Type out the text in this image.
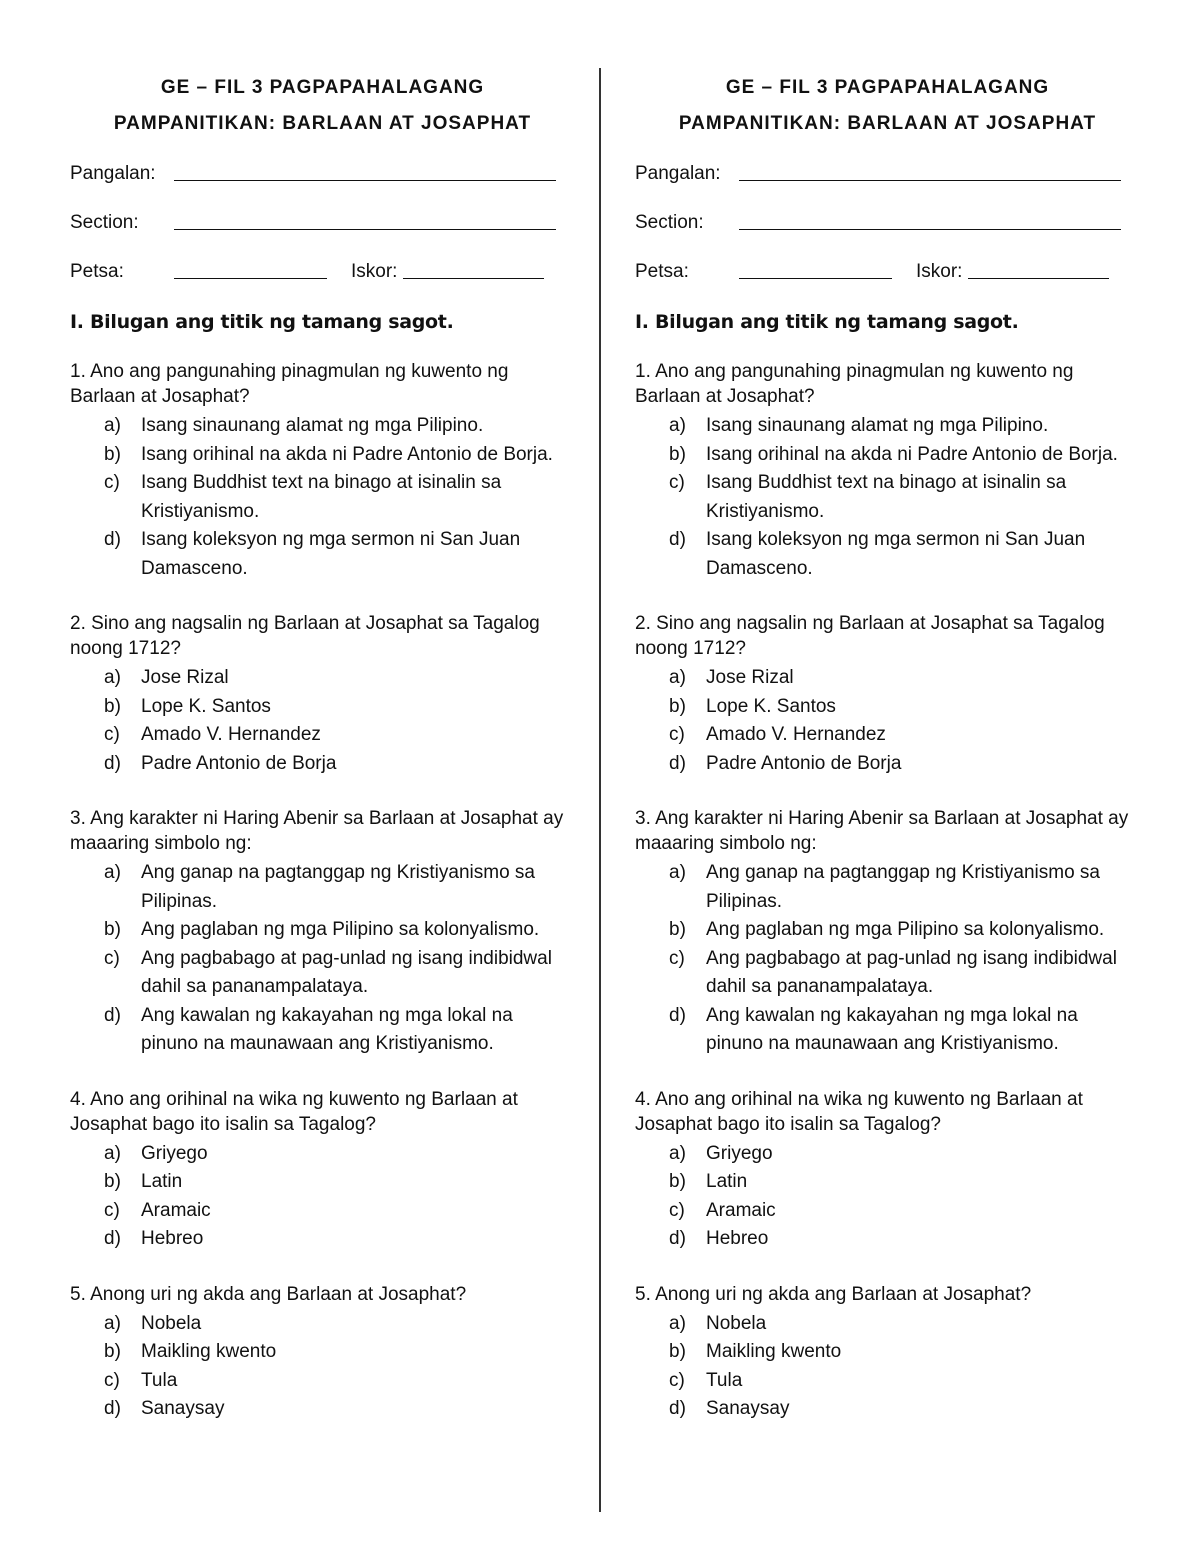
GE – FIL 3 PAGPAPAHALAGANG
PAMPANITIKAN: BARLAAN AT JOSAPHAT
Pangalan:
Section:
Petsa:	Iskor:
I. Bilugan ang titik ng tamang sagot.
1. Ano ang pangunahing pinagmulan ng kuwento ng Barlaan at Josaphat?
a)	Isang sinaunang alamat ng mga Pilipino.
b)	Isang orihinal na akda ni Padre Antonio de Borja.
c)	Isang Buddhist text na binago at isinalin sa Kristiyanismo.
d)	Isang koleksyon ng mga sermon ni San Juan Damasceno.
2. Sino ang nagsalin ng Barlaan at Josaphat sa Tagalog noong 1712?
a)	Jose Rizal
b)	Lope K. Santos
c)	Amado V. Hernandez
d)	Padre Antonio de Borja
3. Ang karakter ni Haring Abenir sa Barlaan at Josaphat ay maaaring simbolo ng:
a)	Ang ganap na pagtanggap ng Kristiyanismo sa Pilipinas.
b)	Ang paglaban ng mga Pilipino sa kolonyalismo.
c)	Ang pagbabago at pag-unlad ng isang indibidwal dahil sa pananampalataya.
d)	Ang kawalan ng kakayahan ng mga lokal na pinuno na maunawaan ang Kristiyanismo.
4. Ano ang orihinal na wika ng kuwento ng Barlaan at Josaphat bago ito isalin sa Tagalog?
a)	Griyego
b)	Latin
c)	Aramaic
d)	Hebreo
5. Anong uri ng akda ang Barlaan at Josaphat?
a)	Nobela
b)	Maikling kwento
c)	Tula
d)	Sanaysay
GE – FIL 3 PAGPAPAHALAGANG
PAMPANITIKAN: BARLAAN AT JOSAPHAT
Pangalan:
Section:
Petsa:	Iskor:
I. Bilugan ang titik ng tamang sagot.
1. Ano ang pangunahing pinagmulan ng kuwento ng Barlaan at Josaphat?
a)	Isang sinaunang alamat ng mga Pilipino.
b)	Isang orihinal na akda ni Padre Antonio de Borja.
c)	Isang Buddhist text na binago at isinalin sa Kristiyanismo.
d)	Isang koleksyon ng mga sermon ni San Juan Damasceno.
2. Sino ang nagsalin ng Barlaan at Josaphat sa Tagalog noong 1712?
a)	Jose Rizal
b)	Lope K. Santos
c)	Amado V. Hernandez
d)	Padre Antonio de Borja
3. Ang karakter ni Haring Abenir sa Barlaan at Josaphat ay maaaring simbolo ng:
a)	Ang ganap na pagtanggap ng Kristiyanismo sa Pilipinas.
b)	Ang paglaban ng mga Pilipino sa kolonyalismo.
c)	Ang pagbabago at pag-unlad ng isang indibidwal dahil sa pananampalataya.
d)	Ang kawalan ng kakayahan ng mga lokal na pinuno na maunawaan ang Kristiyanismo.
4. Ano ang orihinal na wika ng kuwento ng Barlaan at Josaphat bago ito isalin sa Tagalog?
a)	Griyego
b)	Latin
c)	Aramaic
d)	Hebreo
5. Anong uri ng akda ang Barlaan at Josaphat?
a)	Nobela
b)	Maikling kwento
c)	Tula
d)	Sanaysay
